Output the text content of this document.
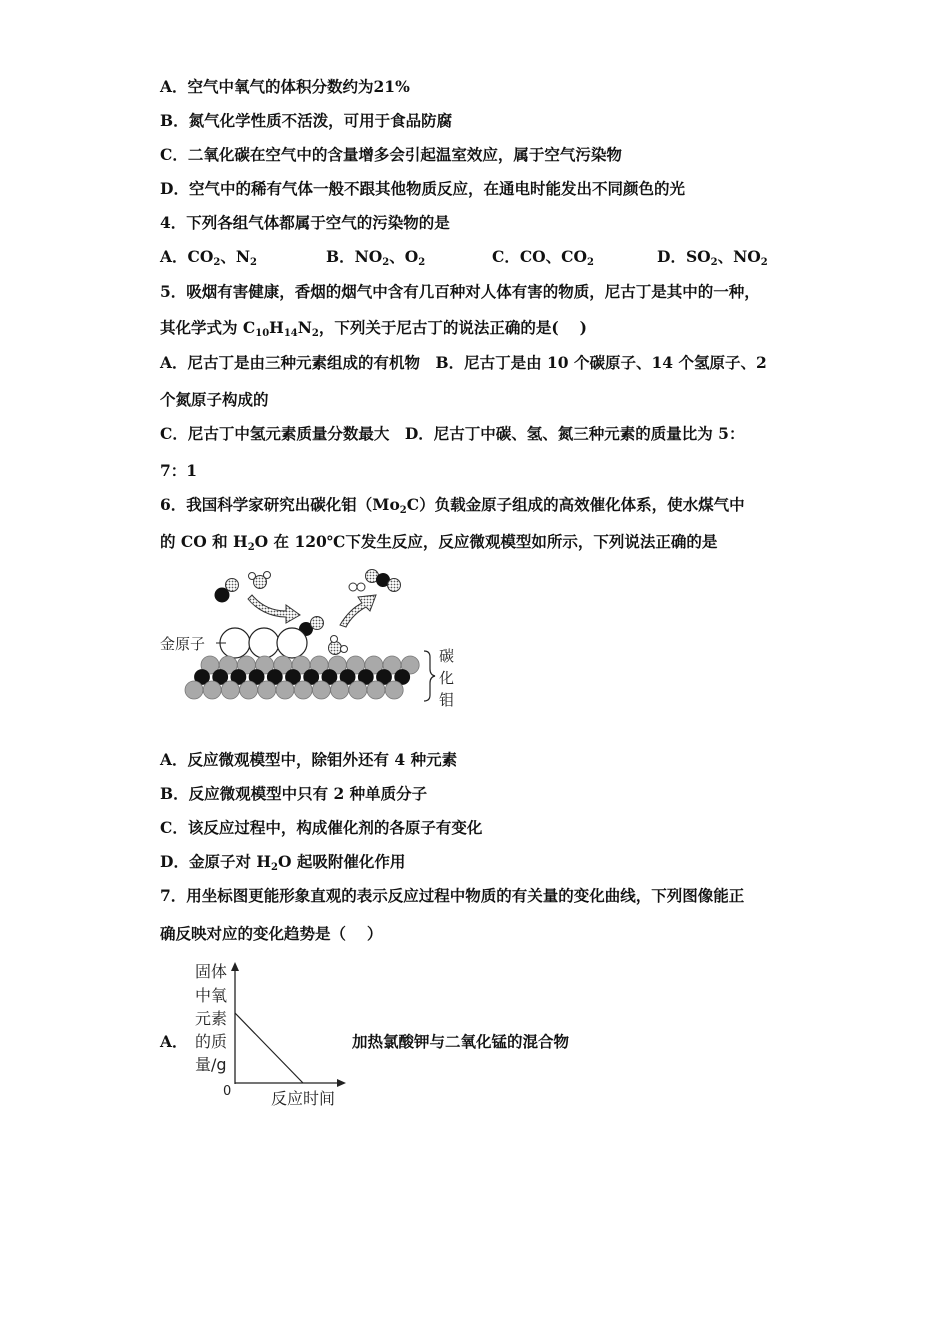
A．空气中氧气的体积分数约为21%
B．氮气化学性质不活泼，可用于食品防腐
C．二氧化碳在空气中的含量增多会引起温室效应，属于空气污染物
D．空气中的稀有气体一般不跟其他物质反应，在通电时能发出不同颜色的光
4．下列各组气体都属于空气的污染物的是
A．$CO_2$、$N_2$	B．$NO_2$、$O_2$	C．CO、$CO_2$	D．$SO_2$、$NO_2$
5．吸烟有害健康，香烟的烟气中含有几百种对人体有害的物质，尼古丁是其中的一种，
其化学式为 $C_{10}H_{14}N_2$，下列关于尼古丁的说法正确的是(　 )
A．尼古丁是由三种元素组成的有机物　B．尼古丁是由 10 个碳原子、14 个氢原子、2
个氮原子构成的
C．尼古丁中氢元素质量分数最大　D．尼古丁中碳、氢、氮三种元素的质量比为 5：
7：1
6．我国科学家研究出碳化钼$(Mo_2C)$负载金原子组成的高效催化体系，使水煤气中
的 CO 和 $H_2O$ 在 120℃下发生反应，反应微观模型如所示，下列说法正确的是
金原子
碳
化
钼
A．反应微观模型中，除钼外还有 4 种元素
B．反应微观模型中只有 2 种单质分子
C．该反应过程中，构成催化剂的各原子有变化
D．金原子对 $H_2O$ 起吸附催化作用
7．用坐标图更能形象直观的表示反应过程中物质的有关量的变化曲线，下列图像能正
确反映对应的变化趋势是（　 ）
A．
固体
中氧
元素
的质
量/g
0 反应时间
加热氯酸钾与二氧化锰的混合物
